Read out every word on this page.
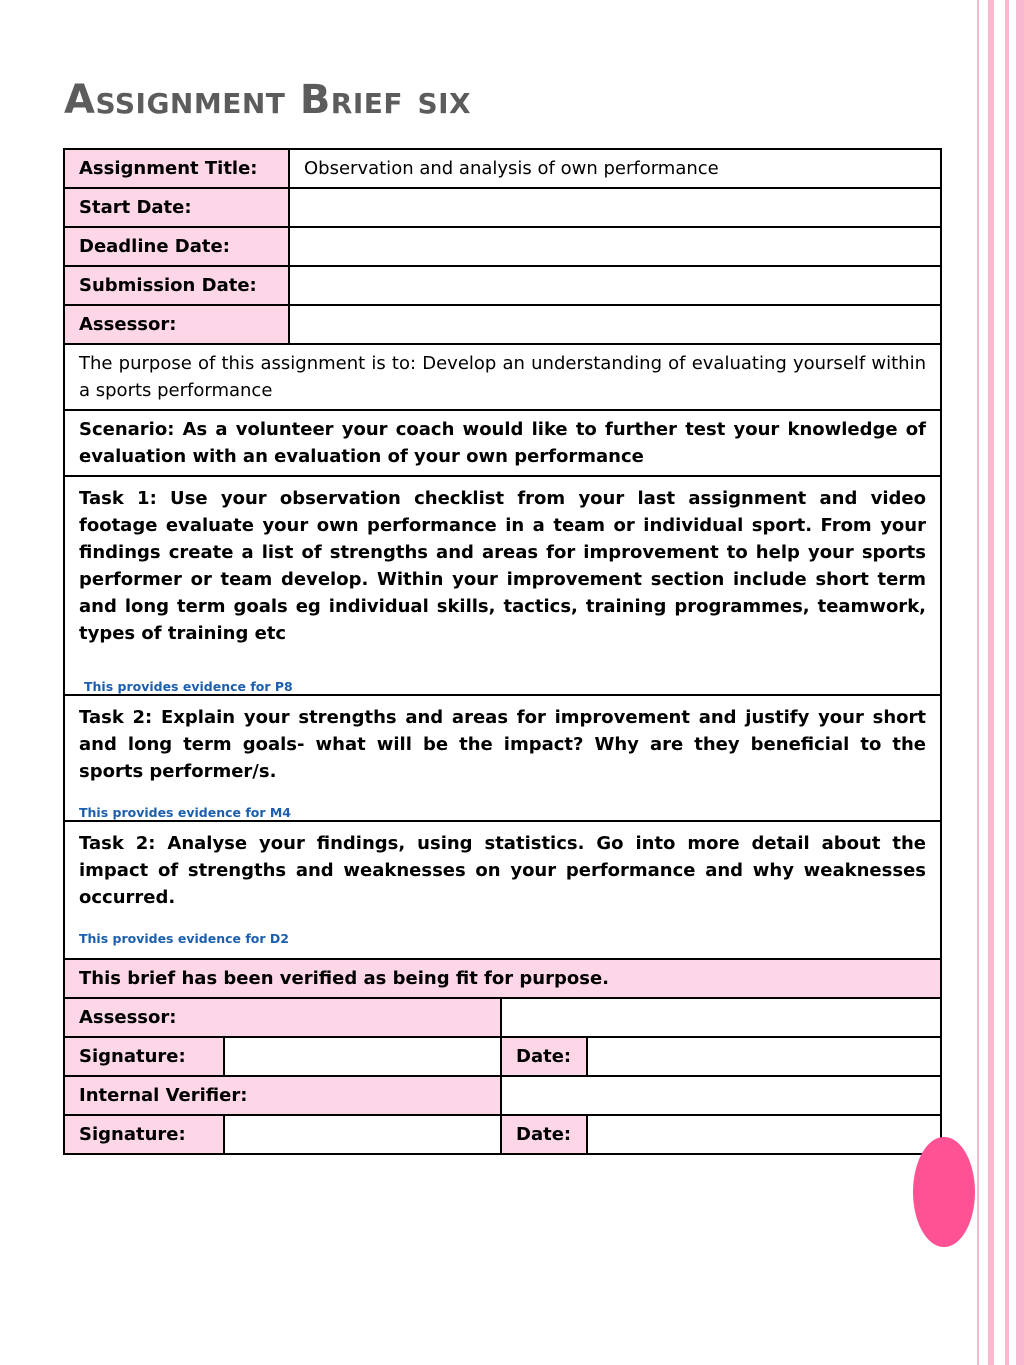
Assignment Brief six
Assignment Title:	Observation and analysis of own performance
Start Date:	
Deadline Date:	
Submission Date:	
Assessor:	
The purpose of this assignment is to: Develop an understanding of evaluating yourself within a sports performance	
Scenario: As a volunteer your coach would like to further test your knowledge of evaluation with an evaluation of your own performance	

Task 1: Use your observation checklist from your last assignment and video footage evaluate your own performance in a team or individual sport. From your findings create a list of strengths and areas for improvement to help your sports performer or team develop. Within your improvement section include short term and long term goals eg individual skills, tactics, training programmes, teamwork, types of training etc
This provides evidence for P8	

Task 2: Explain your strengths and areas for improvement and justify your short and long term goals- what will be the impact? Why are they beneficial to the sports performer/s.
This provides evidence for M4	

Task 2: Analyse your findings, using statistics. Go into more detail about the impact of strengths and weaknesses on your performance and why weaknesses occurred.
This provides evidence for D2	
This brief has been verified as being fit for purpose.			
Assessor:			
Signature:		Date:	
Internal Verifier:			
Signature:		Date:	
